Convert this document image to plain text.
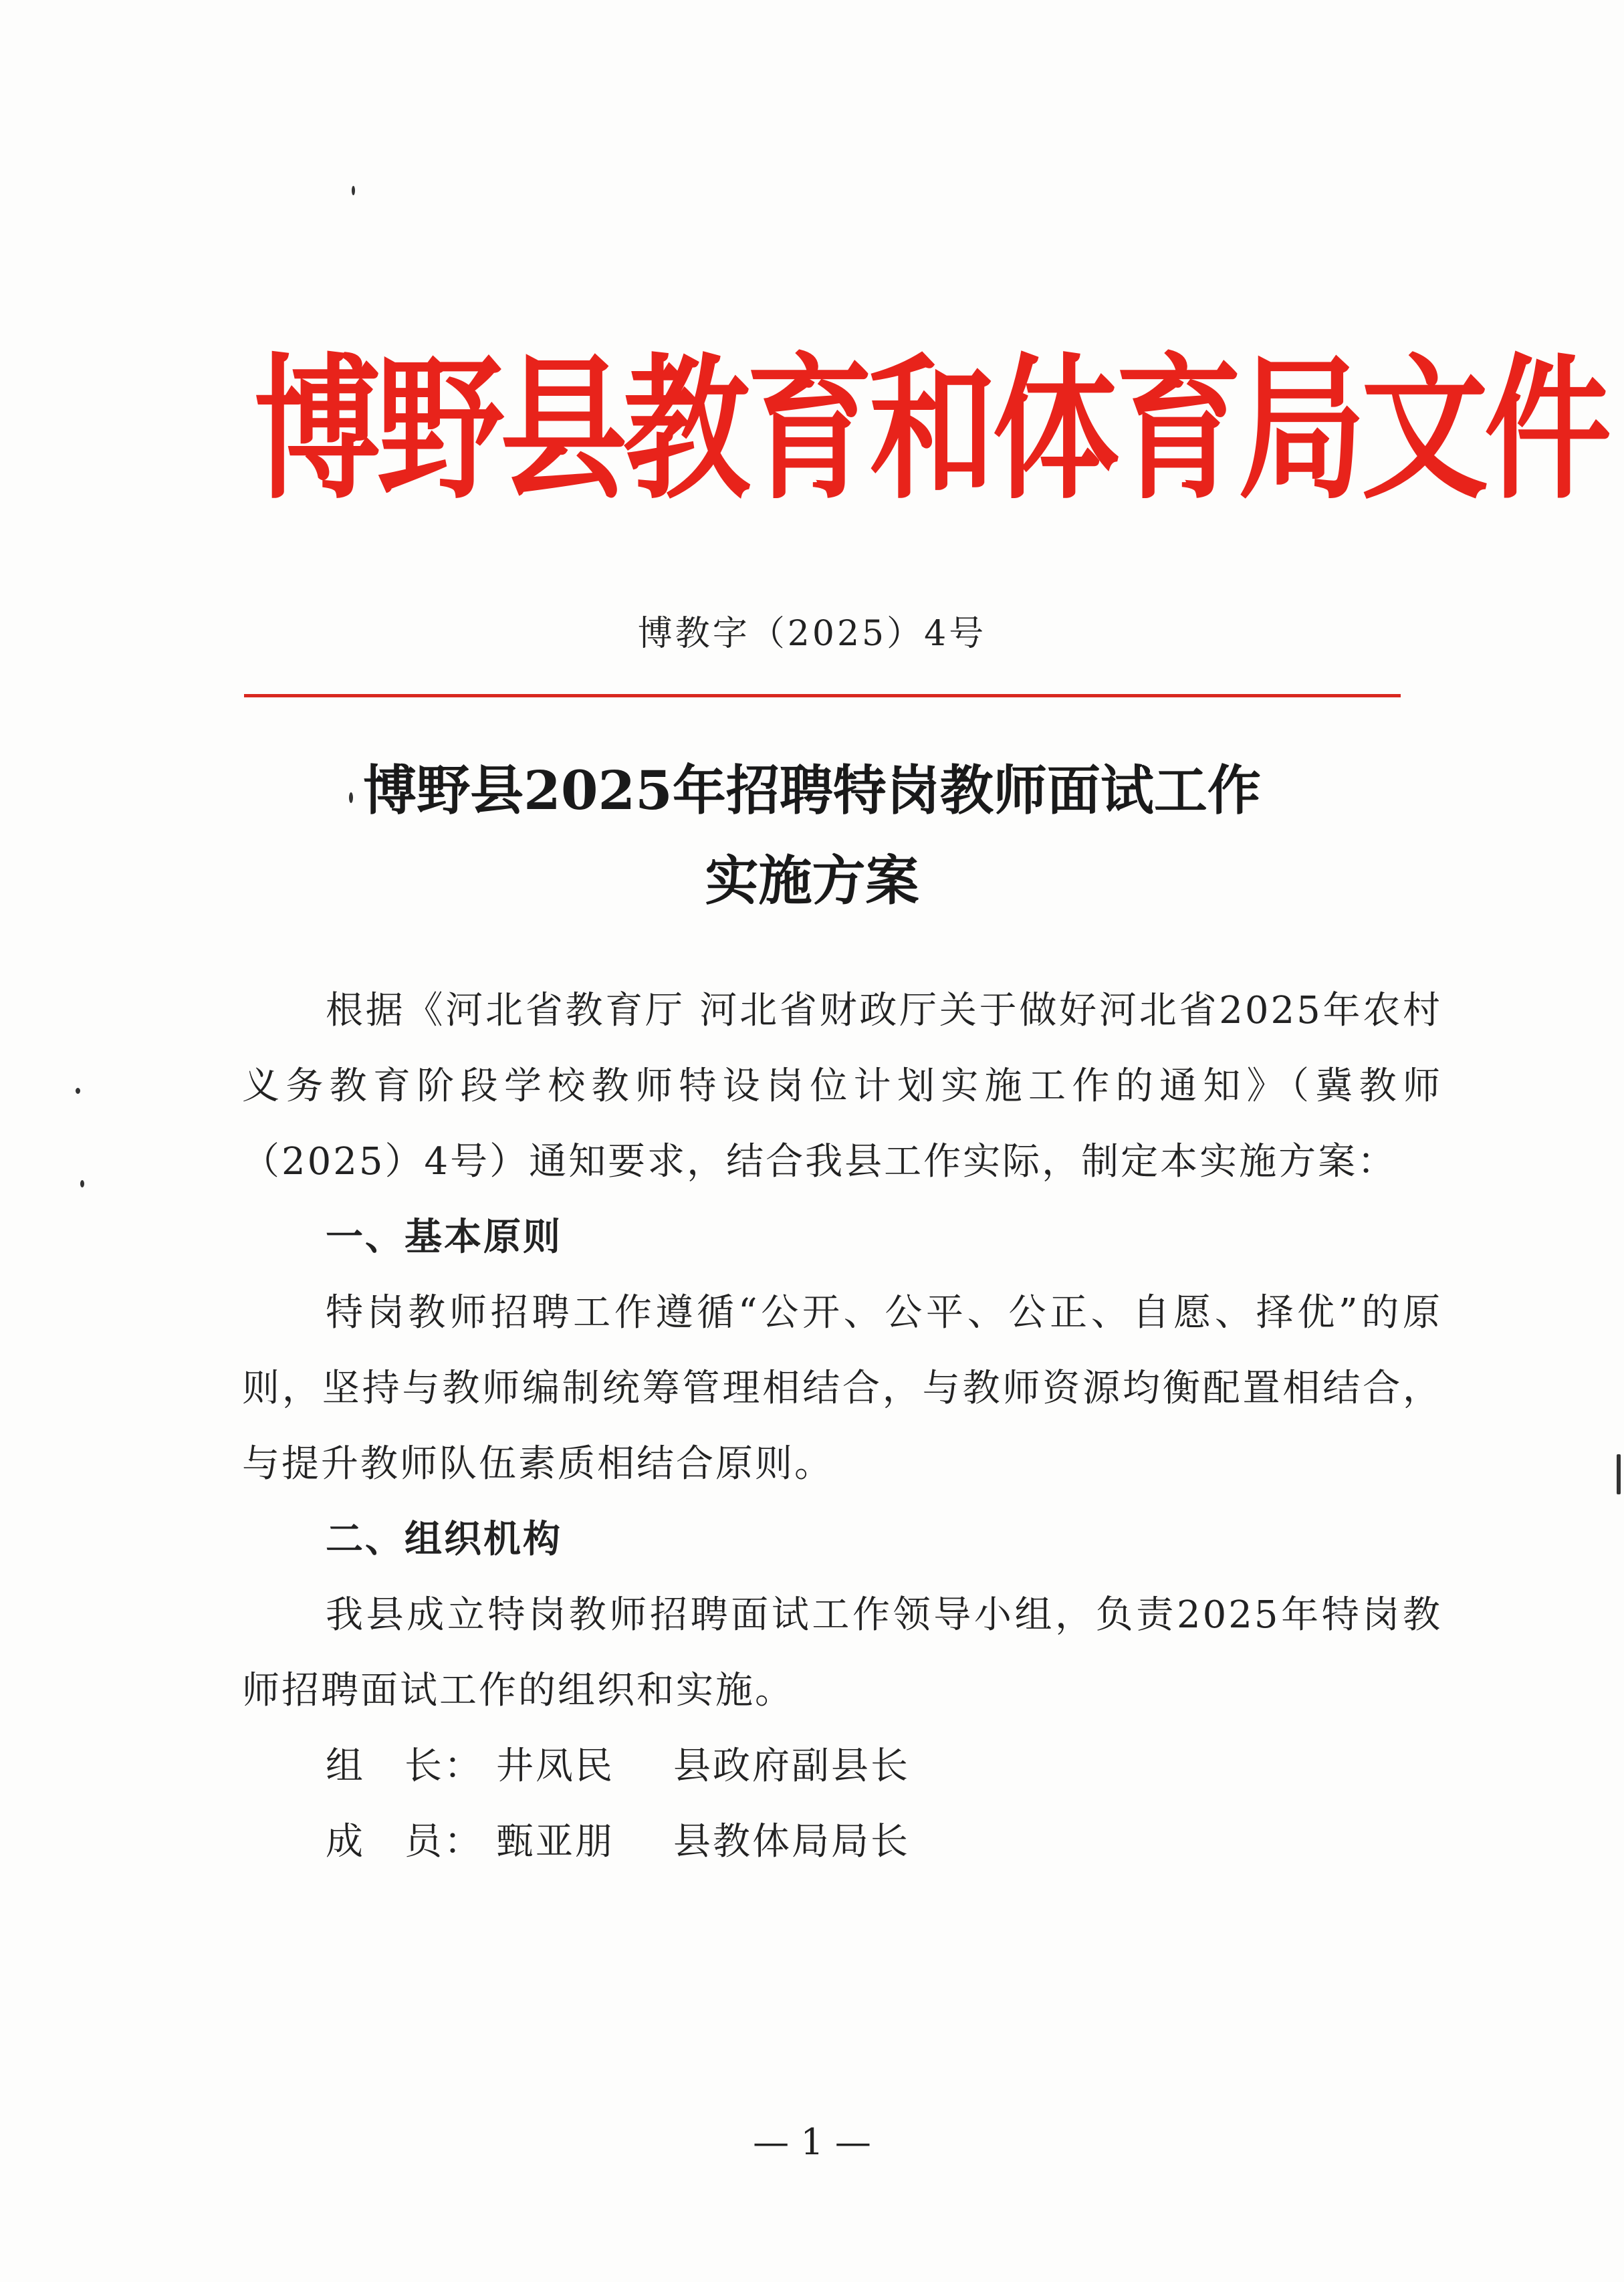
博野县教育和体育局文件
博教字（2025）4号
博野县2025年招聘特岗教师面试工作
实施方案

根据《河北省教育厅 河北省财政厅关于做好河北省2025年农村义务教育阶段学校教师特设岗位计划实施工作的通知》（冀教师（2025）4号）通知要求，结合我县工作实际，制定本实施方案：

一、基本原则

特岗教师招聘工作遵循“公开、公平、公正、自愿、择优”的原则，坚持与教师编制统筹管理相结合，与教师资源均衡配置相结合，与提升教师队伍素质相结合原则。

二、组织机构

我县成立特岗教师招聘面试工作领导小组，负责2025年特岗教师招聘面试工作的组织和实施。

组　长： 井凤民 县政府副县长

成　员： 甄亚朋 县教体局局长

— 1 —
